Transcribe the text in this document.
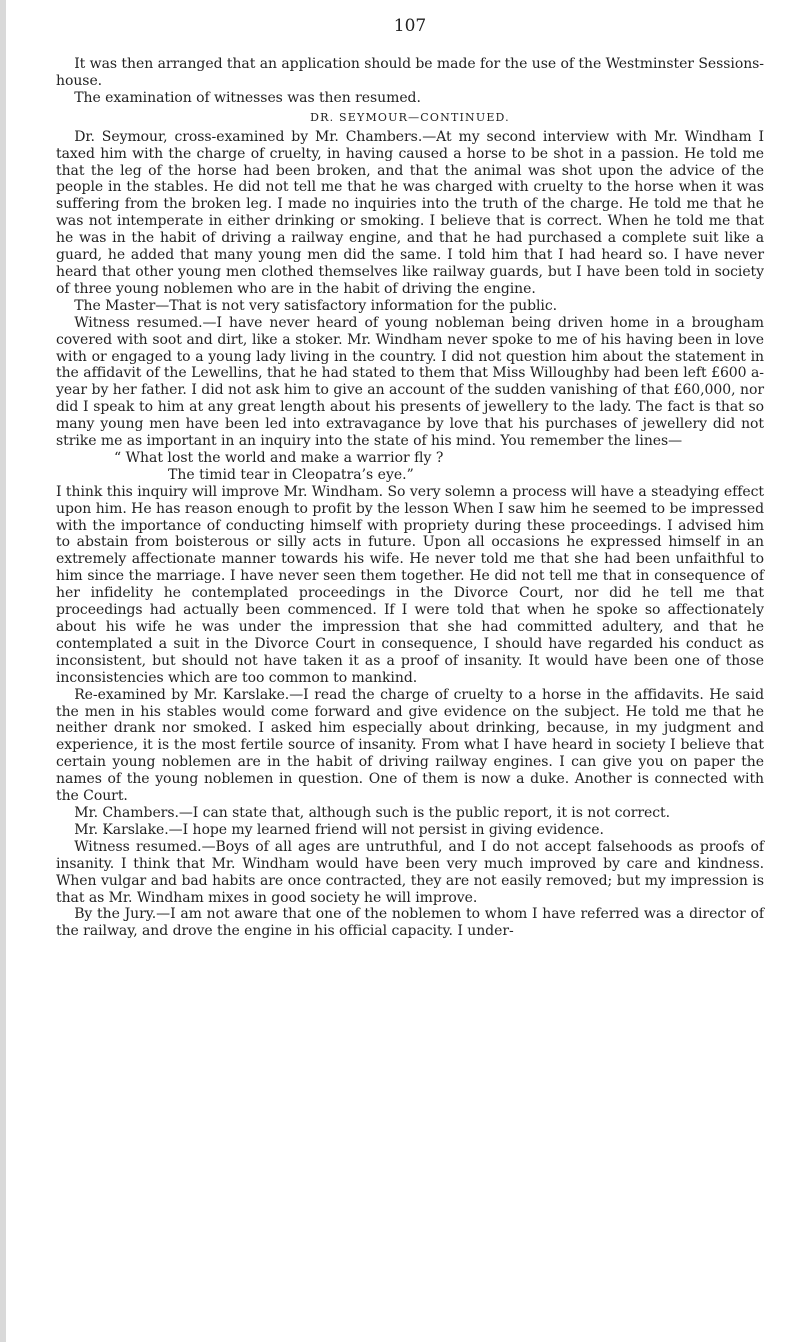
107

It was then arranged that an application should be made for the use of the Westminster Sessions-house.

The examination of witnesses was then resumed.

DR. SEYMOUR—CONTINUED.

Dr. Seymour, cross-examined by Mr. Chambers.—At my second interview with Mr. Windham I taxed him with the charge of cruelty, in having caused a horse to be shot in a passion. He told me that the leg of the horse had been broken, and that the animal was shot upon the advice of the people in the stables. He did not tell me that he was charged with cruelty to the horse when it was suffering from the broken leg. I made no inquiries into the truth of the charge. He told me that he was not intemperate in either drinking or smoking. I believe that is correct. When he told me that he was in the habit of driving a railway engine, and that he had purchased a complete suit like a guard, he added that many young men did the same. I told him that I had heard so. I have never heard that other young men clothed themselves like railway guards, but I have been told in society of three young noblemen who are in the habit of driving the engine.

The Master—That is not very satisfactory information for the public.

Witness resumed.—I have never heard of young nobleman being driven home in a brougham covered with soot and dirt, like a stoker. Mr. Windham never spoke to me of his having been in love with or engaged to a young lady living in the country. I did not question him about the statement in the affidavit of the Lewellins, that he had stated to them that Miss Willoughby had been left £600 a-year by her father. I did not ask him to give an account of the sudden vanishing of that £60,000, nor did I speak to him at any great length about his presents of jewellery to the lady. The fact is that so many young men have been led into extravagance by love that his purchases of jewellery did not strike me as important in an inquiry into the state of his mind. You remember the lines—

“ What lost the world and make a warrior fly ?

The timid tear in Cleopatra’s eye.”

I think this inquiry will improve Mr. Windham. So very solemn a process will have a steadying effect upon him. He has reason enough to profit by the lesson When I saw him he seemed to be impressed with the importance of conducting himself with propriety during these proceedings. I advised him to abstain from boisterous or silly acts in future. Upon all occasions he expressed himself in an extremely affectionate manner towards his wife. He never told me that she had been unfaithful to him since the marriage. I have never seen them together. He did not tell me that in consequence of her infidelity he contemplated proceedings in the Divorce Court, nor did he tell me that proceedings had actually been commenced. If I were told that when he spoke so affectionately about his wife he was under the impression that she had committed adultery, and that he contemplated a suit in the Divorce Court in consequence, I should have regarded his conduct as inconsistent, but should not have taken it as a proof of insanity. It would have been one of those inconsistencies which are too common to mankind.

Re-examined by Mr. Karslake.—I read the charge of cruelty to a horse in the affidavits. He said the men in his stables would come forward and give evidence on the subject. He told me that he neither drank nor smoked. I asked him especially about drinking, because, in my judgment and experience, it is the most fertile source of insanity. From what I have heard in society I believe that certain young noblemen are in the habit of driving railway engines. I can give you on paper the names of the young noblemen in question. One of them is now a duke. Another is connected with the Court.

Mr. Chambers.—I can state that, although such is the public report, it is not correct.

Mr. Karslake.—I hope my learned friend will not persist in giving evidence.

Witness resumed.—Boys of all ages are untruthful, and I do not accept falsehoods as proofs of insanity. I think that Mr. Windham would have been very much improved by care and kindness. When vulgar and bad habits are once contracted, they are not easily removed; but my impression is that as Mr. Windham mixes in good society he will improve.

By the Jury.—I am not aware that one of the noblemen to whom I have referred was a director of the railway, and drove the engine in his official capacity. I under-
